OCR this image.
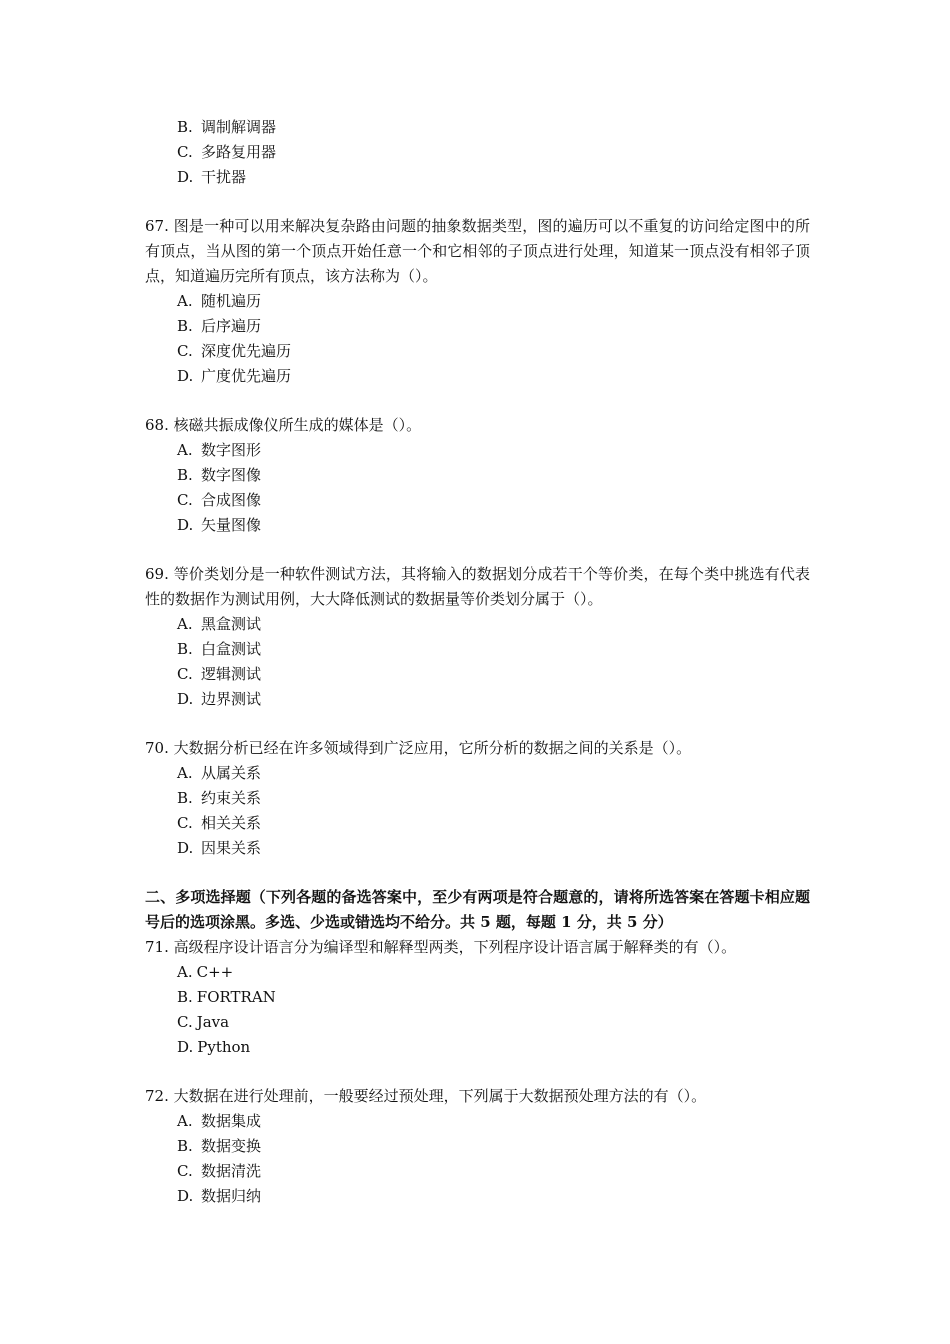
B. 调制解调器
C. 多路复用器
D. 干扰器

67. 图是一种可以用来解决复杂路由问题的抽象数据类型，图的遍历可以不重复的访问给定图中的所有顶点，当从图的第一个顶点开始任意一个和它相邻的子顶点进行处理，知道某一顶点没有相邻子顶点，知道遍历完所有顶点，该方法称为（）。

A. 随机遍历
B. 后序遍历
C. 深度优先遍历
D. 广度优先遍历

68. 核磁共振成像仪所生成的媒体是（）。

A. 数字图形
B. 数字图像
C. 合成图像
D. 矢量图像

69. 等价类划分是一种软件测试方法，其将输入的数据划分成若干个等价类，在每个类中挑选有代表性的数据作为测试用例，大大降低测试的数据量等价类划分属于（）。

A. 黑盒测试
B. 白盒测试
C. 逻辑测试
D. 边界测试

70. 大数据分析已经在许多领域得到广泛应用，它所分析的数据之间的关系是（）。

A. 从属关系
B. 约束关系
C. 相关关系
D. 因果关系

二、多项选择题（下列各题的备选答案中，至少有两项是符合题意的，请将所选答案在答题卡相应题号后的选项涂黑。多选、少选或错选均不给分。共 5 题，每题 1 分，共 5 分）

71. 高级程序设计语言分为编译型和解释型两类，下列程序设计语言属于解释类的有（）。

A. C++
B. FORTRAN
C. Java
D. Python

72. 大数据在进行处理前，一般要经过预处理，下列属于大数据预处理方法的有（）。

A. 数据集成
B. 数据变换
C. 数据清洗
D. 数据归纳
